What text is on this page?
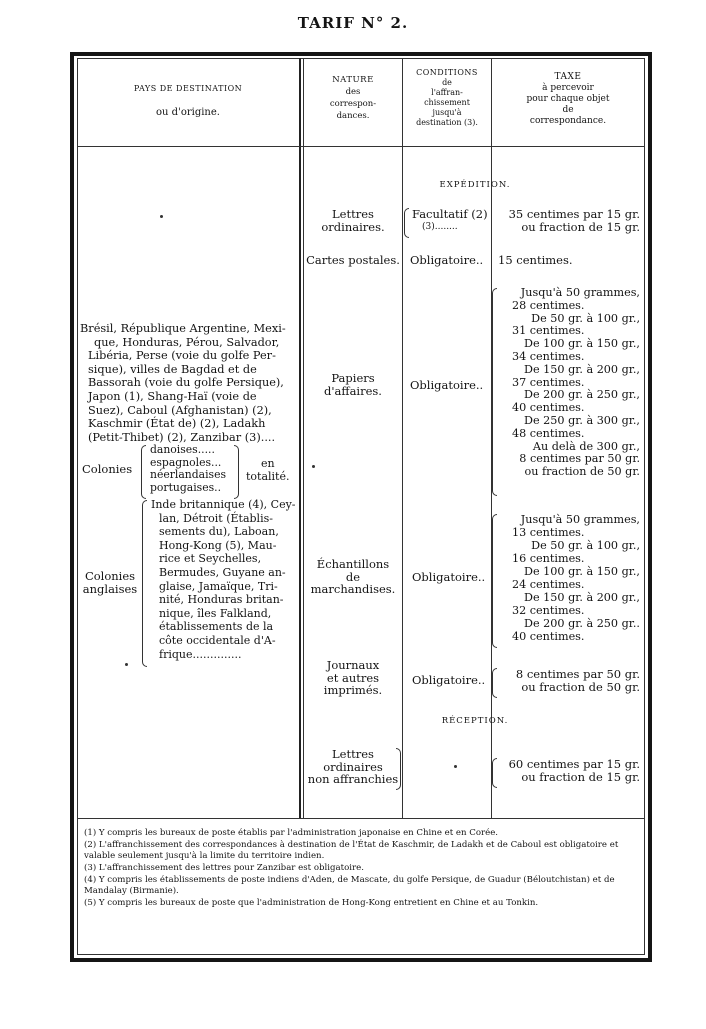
TARIF N° 2.
PAYS DE DESTINATION
ou d'origine.
NATURE
des
correspon-
dances.
CONDITIONS
de
l'affran-
chissement
jusqu'à
destination (3).
TAXE
à percevoir
pour chaque objet
de
correspondance.
EXPÉDITION.
RÉCEPTION.
Brésil, République Argentine, Mexi-
que, Honduras, Pérou, Salvador,
Libéria, Perse (voie du golfe Per-
sique), villes de Bagdad et de
Bassorah (voie du golfe Persique),
Japon (1), Shang-Haï (voie de
Suez), Caboul (Afghanistan) (2),
Kaschmir (État de) (2), Ladakh
(Petit-Thibet) (2), Zanzibar (3)....
Colonies
danoises.....
espagnoles...
néerlandaises
portugaises..
en
totalité.
Colonies
anglaises
Inde britannique (4), Cey-
lan, Détroit (Établis-
sements du), Laboan,
Hong-Kong (5), Mau-
rice et Seychelles,
Bermudes, Guyane an-
glaise, Jamaïque, Tri-
nité, Honduras britan-
nique, îles Falkland,
établissements de la
côte occidentale d'A-
frique..............
Lettres
ordinaires.
Facultatif (2)
(3)........
35 centimes par 15 gr.
ou fraction de 15 gr.
Cartes postales. Obligatoire.. 15 centimes.
Papiers
d'affaires.	Obligatoire..
Jusqu'à 50 grammes,
28 centimes.
De 50 gr. à 100 gr.,
31 centimes.
De 100 gr. à 150 gr.,
34 centimes.
De 150 gr. à 200 gr.,
37 centimes.
De 200 gr. à 250 gr.,
40 centimes.
De 250 gr. à 300 gr.,
48 centimes.
Au delà de 300 gr.,
8 centimes par 50 gr.
ou fraction de 50 gr.
Échantillons
de
marchandises.
Obligatoire..
Jusqu'à 50 grammes,
13 centimes.
De 50 gr. à 100 gr.,
16 centimes.
De 100 gr. à 150 gr.,
24 centimes.
De 150 gr. à 200 gr.,
32 centimes.
De 200 gr. à 250 gr..
40 centimes.
Journaux
et autres
imprimés.
Obligatoire..	8 centimes par 50 gr.
ou fraction de 50 gr.
Lettres
ordinaires
non affranchies
60 centimes par 15 gr.
ou fraction de 15 gr.
(1) Y compris les bureaux de poste établis par l'administration japonaise en Chine et en Corée.
(2) L'affranchissement des correspondances à destination de l'État de Kaschmir, de Ladakh et de Caboul est obligatoire et valable seulement jusqu'à la limite du territoire indien.
(3) L'affranchissement des lettres pour Zanzibar est obligatoire.
(4) Y compris les établissements de poste indiens d'Aden, de Mascate, du golfe Persique, de Guadur (Béloutchistan) et de Mandalay (Birmanie).
(5) Y compris les bureaux de poste que l'administration de Hong-Kong entretient en Chine et au Tonkin.
